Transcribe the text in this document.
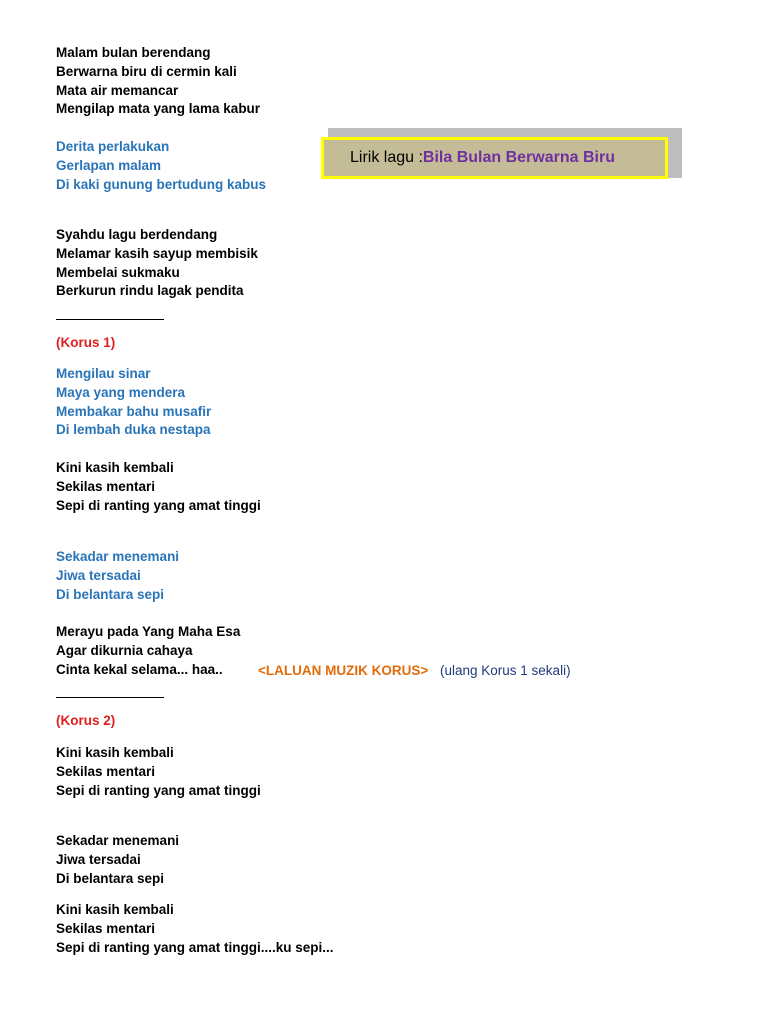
Lirik lagu : Bila Bulan Berwarna Biru
Malam bulan berendang
Berwarna biru di cermin kali
Mata air memancar
Mengilap mata yang lama kabur
Derita perlakukan
Gerlapan malam
Di kaki gunung bertudung kabus
Syahdu lagu berdendang
Melamar kasih sayup membisik
Membelai sukmaku
Berkurun rindu lagak pendita
(Korus 1)
Mengilau sinar
Maya yang mendera
Membakar bahu musafir
Di lembah duka nestapa
Kini kasih kembali
Sekilas mentari
Sepi di ranting yang amat tinggi
Sekadar menemani
Jiwa tersadai
Di belantara sepi
Merayu pada Yang Maha Esa
Agar dikurnia cahaya
Cinta kekal selama... haa..	<LALUAN MUZIK KORUS> (ulang Korus 1 sekali)
(Korus 2)
Kini kasih kembali
Sekilas mentari
Sepi di ranting yang amat tinggi
Sekadar menemani
Jiwa tersadai
Di belantara sepi
Kini kasih kembali
Sekilas mentari
Sepi di ranting yang amat tinggi....ku sepi...
